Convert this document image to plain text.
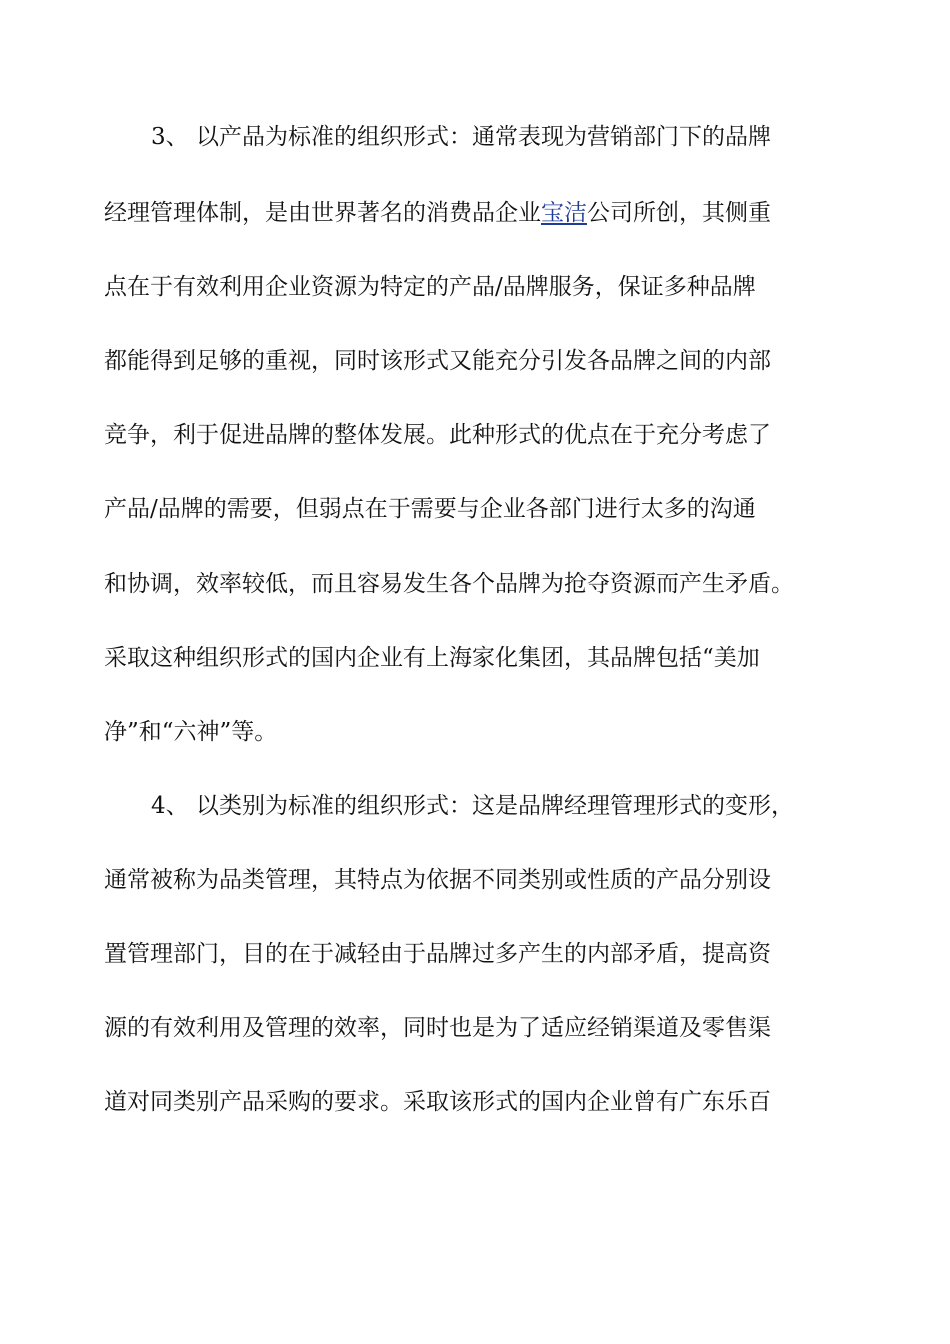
3、 以产品为标准的组织形式：通常表现为营销部门下的品牌
经理管理体制，是由世界著名的消费品企业宝洁公司所创，其侧重
点在于有效利用企业资源为特定的产品/品牌服务，保证多种品牌
都能得到足够的重视，同时该形式又能充分引发各品牌之间的内部
竞争，利于促进品牌的整体发展。此种形式的优点在于充分考虑了
产品/品牌的需要，但弱点在于需要与企业各部门进行太多的沟通
和协调，效率较低，而且容易发生各个品牌为抢夺资源而产生矛盾。
采取这种组织形式的国内企业有上海家化集团，其品牌包括“美加
净”和“六神”等。
4、 以类别为标准的组织形式：这是品牌经理管理形式的变形，
通常被称为品类管理，其特点为依据不同类别或性质的产品分别设
置管理部门，目的在于减轻由于品牌过多产生的内部矛盾，提高资
源的有效利用及管理的效率，同时也是为了适应经销渠道及零售渠
道对同类别产品采购的要求。采取该形式的国内企业曾有广东乐百
